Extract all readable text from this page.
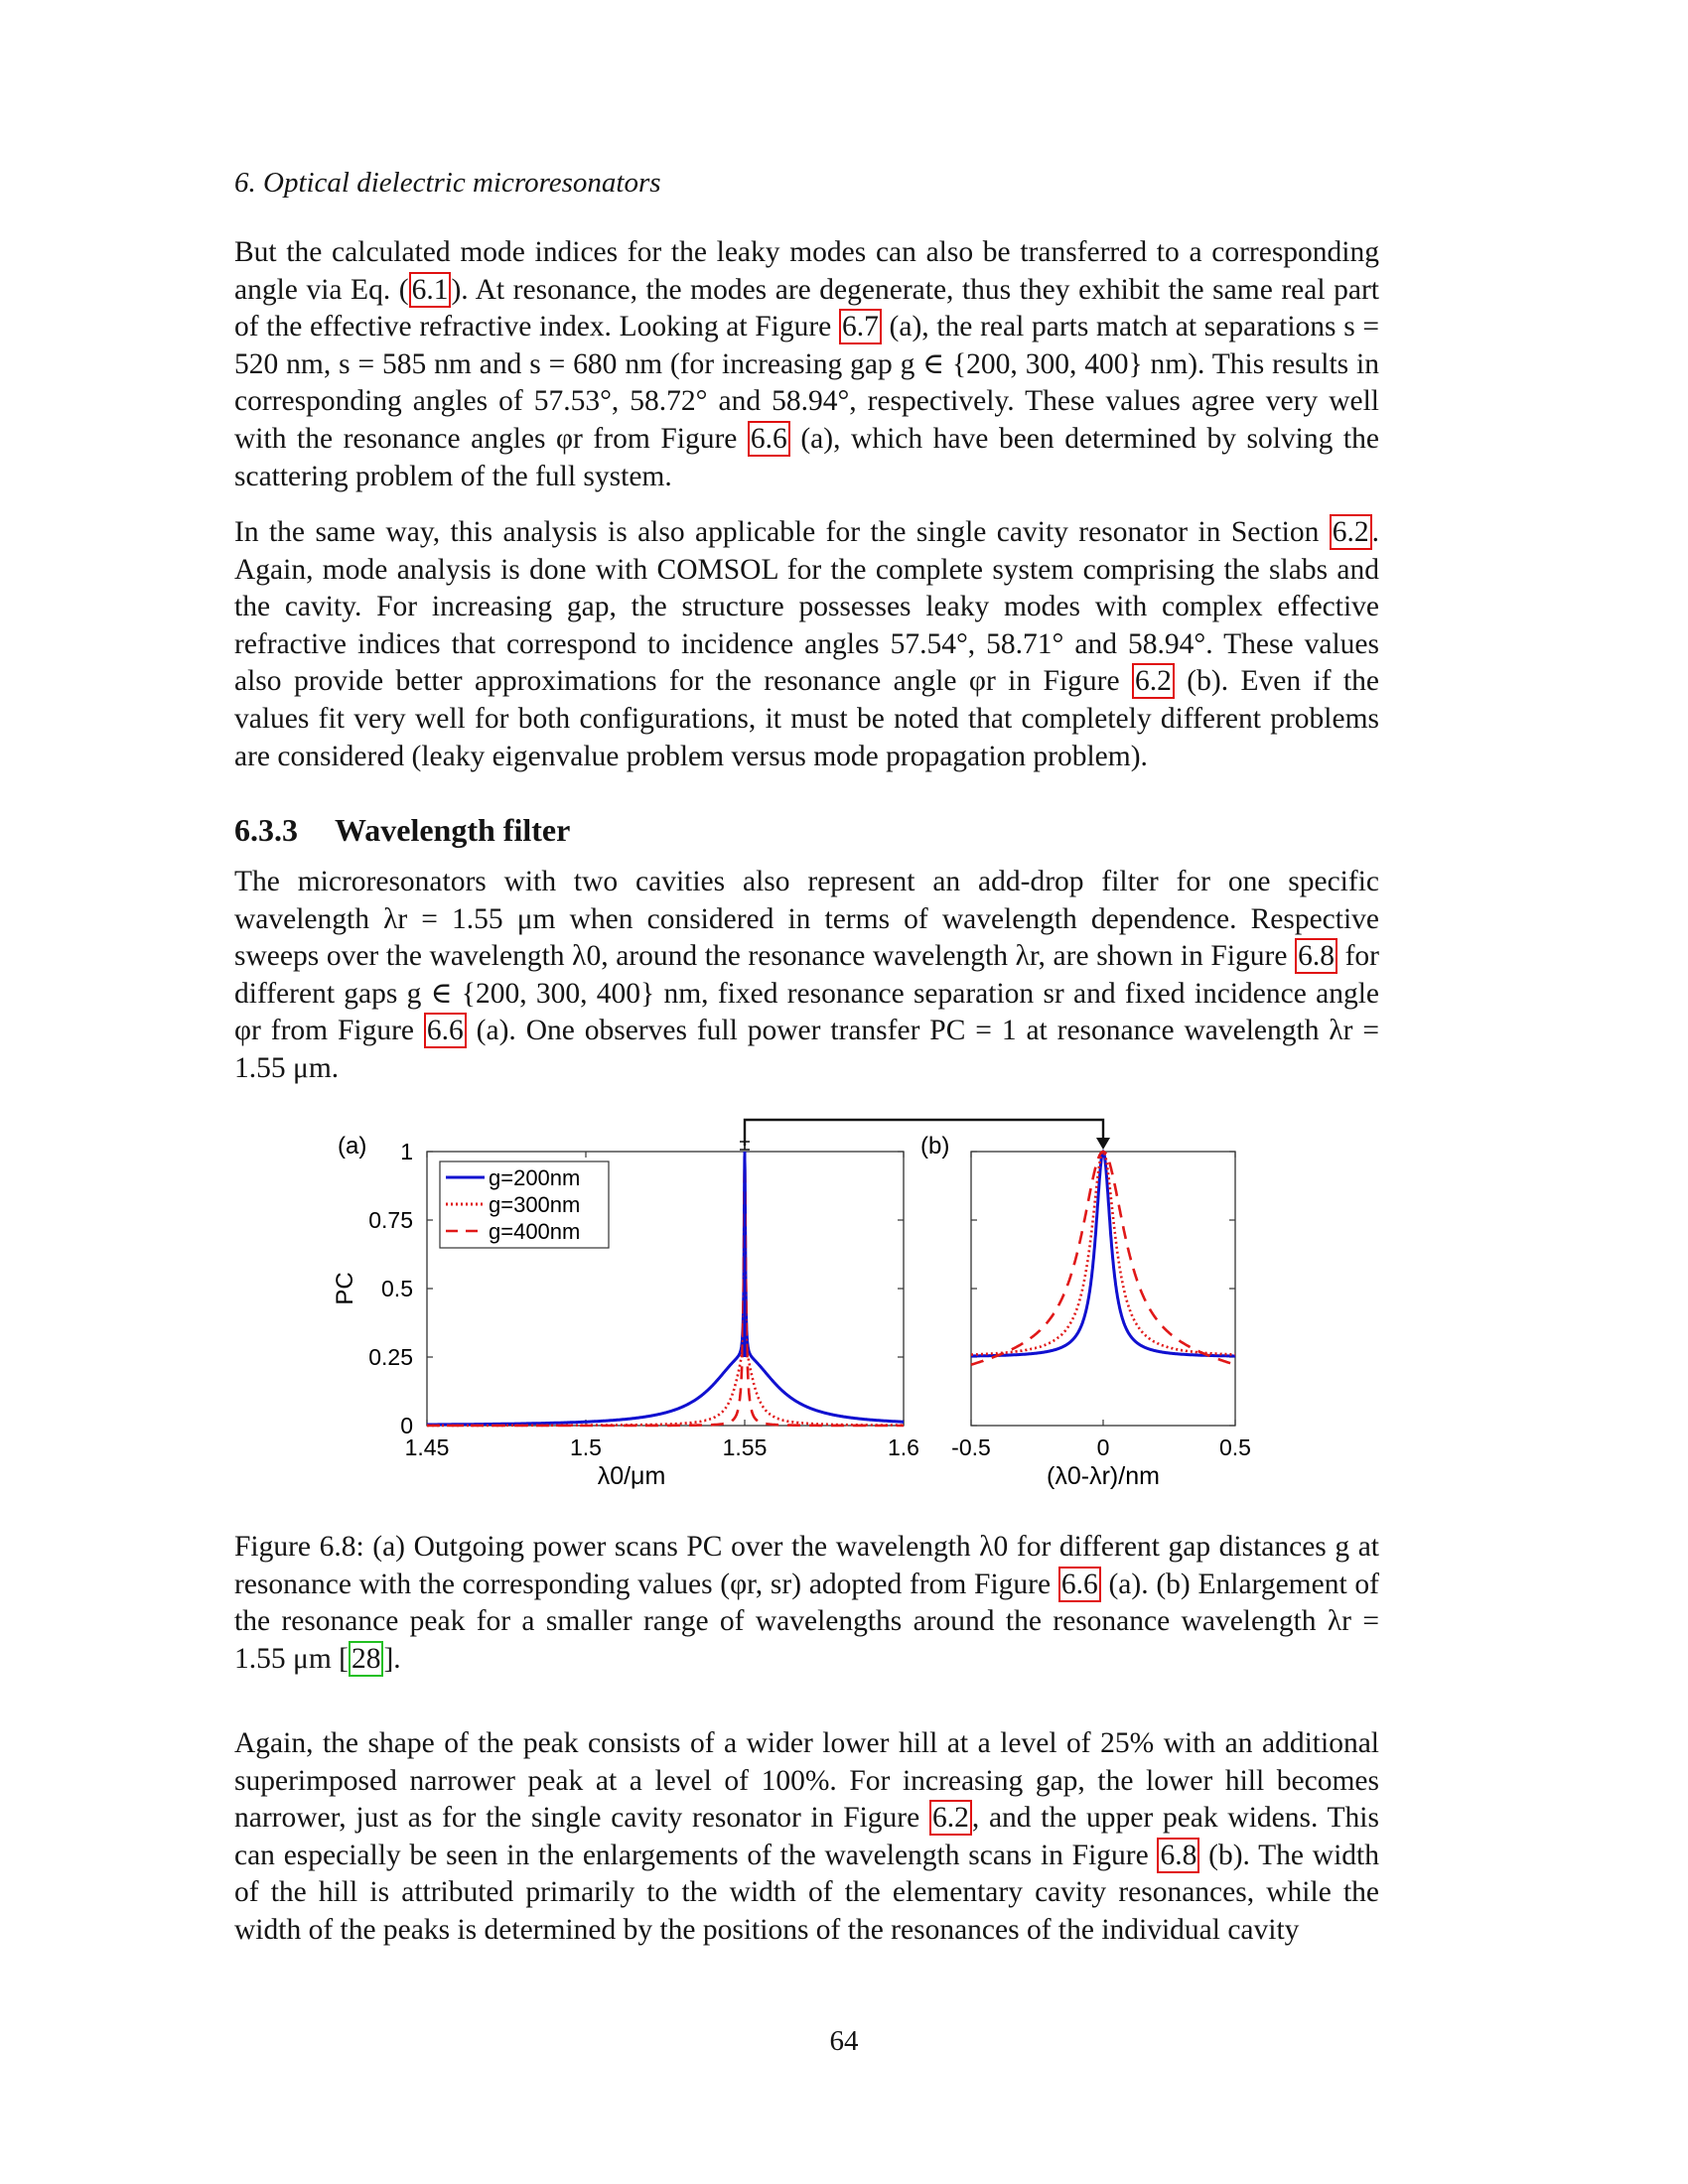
6. Optical dielectric microresonators

But the calculated mode indices for the leaky modes can also be transferred to a corresponding angle via Eq. ( 6.1 ). At resonance, the modes are degenerate, thus they exhibit the same real part of the effective refractive index. Looking at Figure 6.7 (a), the real parts match at separations s = 520 nm, s = 585 nm and s = 680 nm (for increasing gap g ∈ {200, 300, 400} nm). This results in corresponding angles of 57.53°, 58.72° and 58.94°, respectively. These values agree very well with the resonance angles φr from Figure 6.6 (a), which have been determined by solving the scattering problem of the full system.

In the same way, this analysis is also applicable for the single cavity resonator in Section 6.2 . Again, mode analysis is done with COMSOL for the complete system comprising the slabs and the cavity. For increasing gap, the structure possesses leaky modes with complex effective refractive indices that correspond to incidence angles 57.54°, 58.71° and 58.94°. These values also provide better approximations for the resonance angle φr in Figure 6.2 (b). Even if the values fit very well for both configurations, it must be noted that completely different problems are considered (leaky eigenvalue problem versus mode propagation problem).

6.3.3 Wavelength filter

The microresonators with two cavities also represent an add-drop filter for one specific wavelength λr = 1.55 μm when considered in terms of wavelength dependence. Respective sweeps over the wavelength λ0, around the resonance wavelength λr, are shown in Figure 6.8 for different gaps g ∈ {200, 300, 400} nm, fixed resonance separation sr and fixed incidence angle φr from Figure 6.6 (a). One observes full power transfer PC = 1 at resonance wavelength λr = 1.55 μm.

(a)	(b)
λ0/μm	(λ0-λr)/nm
PC
1.45	1.5	1.55	1.6
0
0.25
0.5
0.75
1
-0.5	0	0.5
g=200nm
g=300nm
g=400nm

Figure 6.8: (a) Outgoing power scans PC over the wavelength λ0 for different gap distances g at resonance with the corresponding values (φr, sr) adopted from Figure 6.6 (a). (b) Enlargement of the resonance peak for a smaller range of wavelengths around the resonance wavelength λr = 1.55 μm [ 28 ].

Again, the shape of the peak consists of a wider lower hill at a level of 25% with an additional superimposed narrower peak at a level of 100%. For increasing gap, the lower hill becomes narrower, just as for the single cavity resonator in Figure 6.2 , and the upper peak widens. This can especially be seen in the enlargements of the wavelength scans in Figure 6.8 (b). The width of the hill is attributed primarily to the width of the elementary cavity resonances, while the width of the peaks is determined by the positions of the resonances of the individual cavity

64
